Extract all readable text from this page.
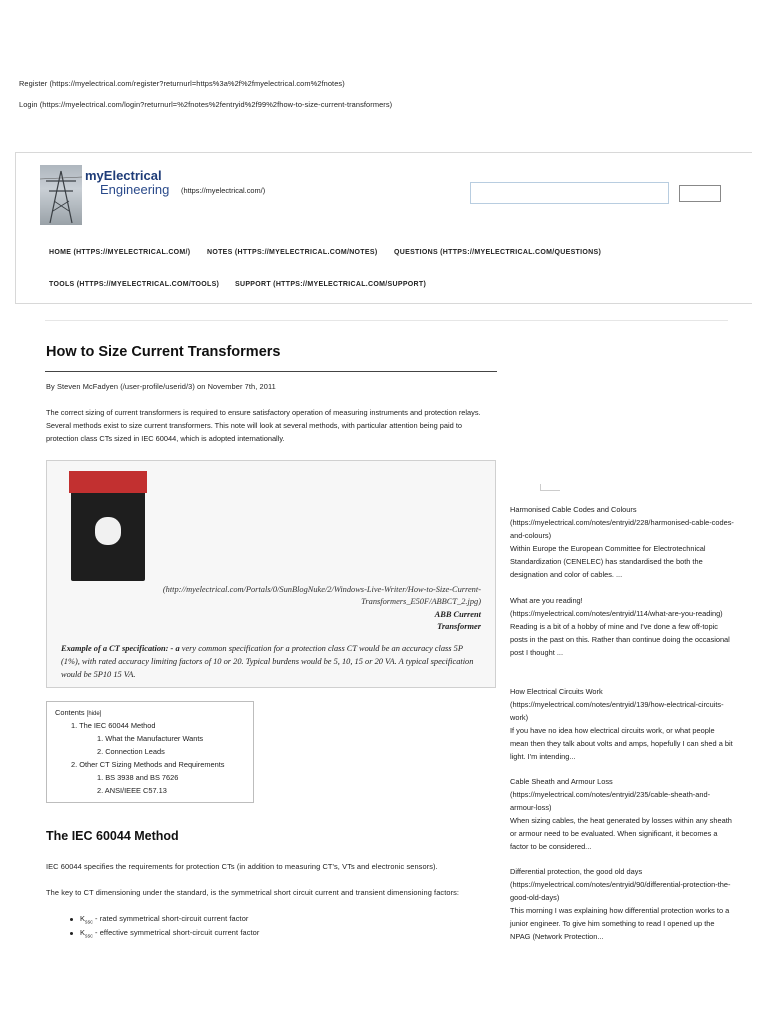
Register (https://myelectrical.com/register?returnurl=https%3a%2f%2fmyelectrical.com%2fnotes)
Login (https://myelectrical.com/login?returnurl=%2fnotes%2fentryid%2f99%2fhow-to-size-current-transformers)
myElectrical
Engineering (https://myelectrical.com/)
HOME (HTTPS://MYELECTRICAL.COM/) NOTES (HTTPS://MYELECTRICAL.COM/NOTES) QUESTIONS (HTTPS://MYELECTRICAL.COM/QUESTIONS)
TOOLS (HTTPS://MYELECTRICAL.COM/TOOLS) SUPPORT (HTTPS://MYELECTRICAL.COM/SUPPORT)
How to Size Current Transformers
By Steven McFadyen (/user-profile/userid/3) on November 7th, 2011
The correct sizing of current transformers is required to ensure satisfactory operation of measuring instruments and protection relays. Several methods exist to size current transformers. This note will look at several methods, with particular attention being paid to protection class CTs sized in IEC 60044, which is adopted internationally.
(http://myelectrical.com/Portals/0/SunBlogNuke/2/Windows-Live-Writer/How-to-Size-Current-Transformers_E50F/ABBCT_2.jpg)
ABB Current Transformer
Example of a CT specification: - a very common specification for a protection class CT would be an accuracy class 5P (1%), with rated accuracy limiting factors of 10 or 20. Typical burdens would be 5, 10, 15 or 20 VA. A typical specification would be 5P10 15 VA.
Contents [hide]
1. The IEC 60044 Method
1. What the Manufacturer Wants
2. Connection Leads
2. Other CT Sizing Methods and Requirements
1. BS 3938 and BS 7626
2. ANSI/IEEE C57.13
The IEC 60044 Method
IEC 60044 specifies the requirements for protection CTs (in addition to measuring CT's, VTs and electronic sensors).
The key to CT dimensioning under the standard, is the symmetrical short circuit current and transient dimensioning factors:
$K_{ssc}$ - rated symmetrical short-circuit current factor
$K_{ssc}$ - effective symmetrical short-circuit current factor
Harmonised Cable Codes and Colours (https://myelectrical.com/notes/entryid/228/harmonised-cable-codes-and-colours)
Within Europe the European Committee for Electrotechnical Standardization (CENELEC) has standardised the both the designation and color of cables. ...
What are you reading! (https://myelectrical.com/notes/entryid/114/what-are-you-reading)
Reading is a bit of a hobby of mine and I've done a few off-topic posts in the past on this. Rather than continue doing the occasional post I thought ...
How Electrical Circuits Work (https://myelectrical.com/notes/entryid/139/how-electrical-circuits-work)
If you have no idea how electrical circuits work, or what people mean then they talk about volts and amps, hopefully I can shed a bit light. I'm intending...
Cable Sheath and Armour Loss (https://myelectrical.com/notes/entryid/235/cable-sheath-and-armour-loss)
When sizing cables, the heat generated by losses within any sheath or armour need to be evaluated. When significant, it becomes a factor to be considered...
Differential protection, the good old days (https://myelectrical.com/notes/entryid/90/differential-protection-the-good-old-days)
This morning I was explaining how differential protection works to a junior engineer. To give him something to read I opened up the NPAG (Network Protection...
